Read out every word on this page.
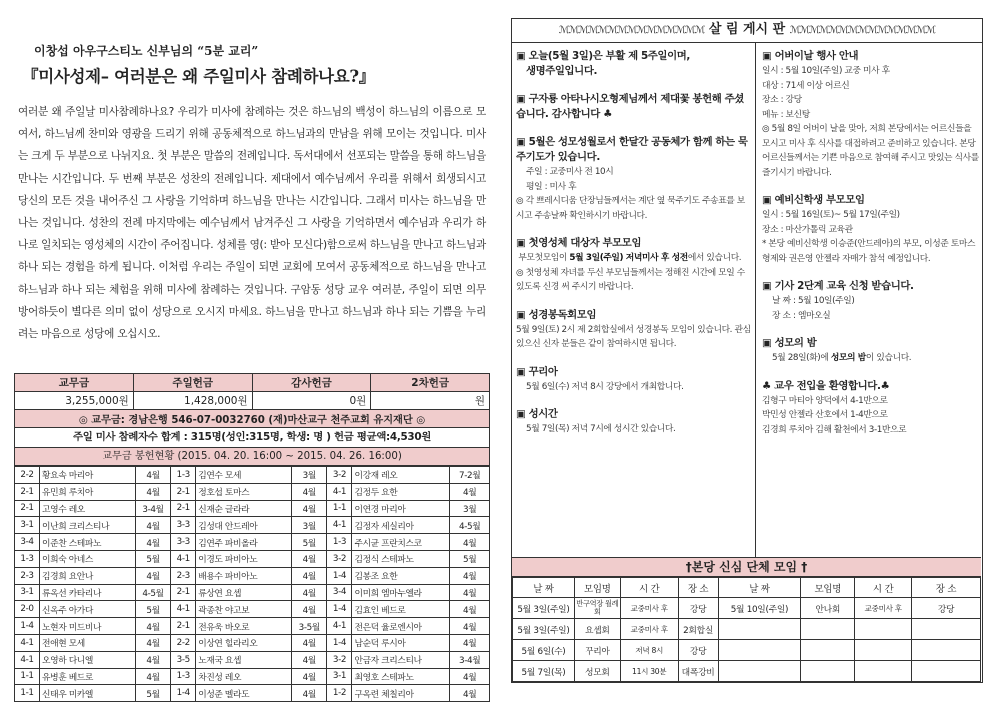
이창섭 아우구스티노 신부님의 “5분 교리”
『미사성제– 여러분은 왜 주일미사 참례하나요?』
여러분 왜 주일날 미사참례하나요? 우리가 미사에 참례하는 것은 하느님의 백성이 하느님의 이름으로 모여서, 하느님께 찬미와 영광을 드리기 위해 공동체적으로 하느님과의 만남을 위해 모이는 것입니다. 미사는 크게 두 부분으로 나뉘지요. 첫 부분은 말씀의 전례입니다. 독서대에서 선포되는 말씀을 통해 하느님을 만나는 시간입니다. 두 번째 부분은 성찬의 전례입니다. 제대에서 예수님께서 우리를 위해서 희생되시고 당신의 모든 것을 내어주신 그 사랑을 기억하며 하느님을 만나는 시간입니다. 그래서 미사는 하느님을 만나는 것입니다. 성찬의 전례 마지막에는 예수님께서 남겨주신 그 사랑을 기억하면서 예수님과 우리가 하나로 일치되는 영성체의 시간이 주어집니다. 성체를 영(: 받아 모신다)함으로써 하느님을 만나고 하느님과 하나 되는 경험을 하게 됩니다. 이처럼 우리는 주일이 되면 교회에 모여서 공동체적으로 하느님을 만나고 하느님과 하나 되는 체험을 위해 미사에 참례하는 것입니다. 구암동 성당 교우 여러분, 주일이 되면 의무 방어하듯이 별다른 의미 없이 성당으로 오시지 마세요. 하느님을 만나고 하느님과 하나 되는 기쁨을 누리려는 마음으로 성당에 오십시오.
교무금	주일헌금	감사헌금	2차헌금
3,255,000원	1,428,000원	0원	원
◎ 교무금: 경남은행 546-07-0032760 (재)마산교구 천주교회 유지재단 ◎			
주일 미사 참례자수 합계 : 315명(성인:315명, 학생: 명 ) 헌금 평균액:4,530원
교무금 봉헌현황 (2015. 04. 20. 16:00 ~ 2015. 04. 26. 16:00)
2-2	황요속 마리아	4월	1-3	김연수 모세	3월	3-2	이강재 레오	7-2월
2-1	유민희 루치아	4월	2-1	정호섭 토마스	4월	4-1	김정두 요한	4월
2-1	고영수 레오	3-4월	2-1	신재순 글라라	4월	1-1	이연경 마리아	3월
3-1	이난희 크리스티나	4월	3-3	김성대 안드레아	3월	4-1	김정자 세실리아	4-5월
3-4	이준찬 스테파노	4월	3-3	김연주 파비올라	5월	1-3	주시균 프란치스코	4월
1-3	이희숙 아네스	5월	4-1	이경도 파비아노	4월	3-2	김정식 스테파노	5월
2-3	김경희 요안나	4월	2-3	배용수 파비아노	4월	1-4	김봉조 요한	4월
3-1	류옥선 카타리나	4-5월	2-1	류상연 요셉	4월	3-4	이미희 엠마누엘라	4월
2-0	신옥주 아가다	5월	4-1	곽종찬 야고보	4월	1-4	김효인 베드로	4월
1-4	노현자 미드비나	4월	2-1	전유욱 바오로	3-5월	4-1	전은덕 율로엔시아	4월
4-1	전애현 모세	4월	2-2	이상연 힐라리오	4월	1-4	남순덕 루시아	4월
4-1	오영하 다니엘	4월	3-5	노재국 요셉	4월	3-2	안금자 크리스티나	3-4월
1-1	유병훈 베드로	4월	1-3	차진성 레오	4월	3-1	최영호 스테파노	4월
1-1	신태우 미카엘	5월	1-4	이성준 멜라도	4월	1-2	구옥련 체칠리아	4월
ℳℳℳℳℳℳℳℳℳℳℳℳℳℳℳ 살 림 게시 판 ℳℳℳℳℳℳℳℳℳℳℳℳℳℳℳ
▣ 오늘(5월 3일)은 부활 제 5주일이며,
생명주일입니다.
▣ 구자룡 아타나시오형제님께서 제대꽃 봉헌해 주셨습니다. 감사합니다 ♣
▣ 5월은 성모성월로서 한달간 공동체가 함께 하는 묵주기도가 있습니다.
주일 : 교중미사 전 10시
평일 : 미사 후
◎ 각 쁘레시디움 단장님들께서는 계단 옆 묵주기도 주송표를 보시고 주송날짜 확인하시기 바랍니다.
▣ 첫영성체 대상자 부모모임
부모첫모임이 5월 3일(주일) 저녁미사 후 성전에서 있습니다.
◎ 첫영성체 자녀를 두신 부모님들께서는 정해진 시간에 모일 수 있도록 신경 써 주시기 바랍니다.
▣ 성경봉독회모임
5월 9일(토) 2시 제 2회합실에서 성경봉독 모임이 있습니다. 관심 있으신 신자 분들은 같이 참여하시면 됩니다.
▣ 꾸리아
5월 6일(수) 저녁 8시 강당에서 개최합니다.
▣ 성시간
5월 7일(목) 저녁 7시에 성시간 있습니다.
▣ 어버이날 행사 안내
일시 : 5월 10일(주일) 교중 미사 후
대상 : 71세 이상 어르신
장소 : 강당
메뉴 : 보신탕
◎ 5월 8일 어버이 날을 맞아, 저희 본당에서는 어르신들을 모시고 미사 후 식사를 대접하려고 준비하고 있습니다. 본당 어르신들께서는 기쁜 마음으로 참여해 주시고 맛있는 식사를 즐기시기 바랍니다.
▣ 예비신학생 부모모임
일시 : 5월 16일(토)~ 5월 17일(주일)
장소 : 마산가톨릭 교육관
* 본당 예비신학생 이승준(안드레아)의 부모, 이성준 토마스 형제와 권은영 안젤라 자매가 참석 예정입니다.
▣ 기사 2단계 교육 신청 받습니다.
날 짜 : 5월 10일(주일)
장 소 : 엠마오실
▣ 성모의 밤
5월 28일(화)에 성모의 밤이 있습니다.
♣ 교우 전입을 환영합니다.♣
김형구 마티아 양덕에서 4-1반으로
박민성 안젤라 산호에서 1-4반으로
김경희 루치아 김해 활천에서 3-1반으로
†본당 신심 단체 모임 †
날 짜	모임명	시 간	장 소	날 짜	모임명	시 간	장 소
5월 3일(주일)	반구역장 월례회	교중미사 후	강당	5월 10일(주일)	안나회	교중미사 후	강당
5월 3일(주일)	요셉회	교중미사 후	2회합실				
5월 6일(수)	꾸리아	저녁 8시	강당				
5월 7일(목)	성모회	11시 30분	대폭강비				
